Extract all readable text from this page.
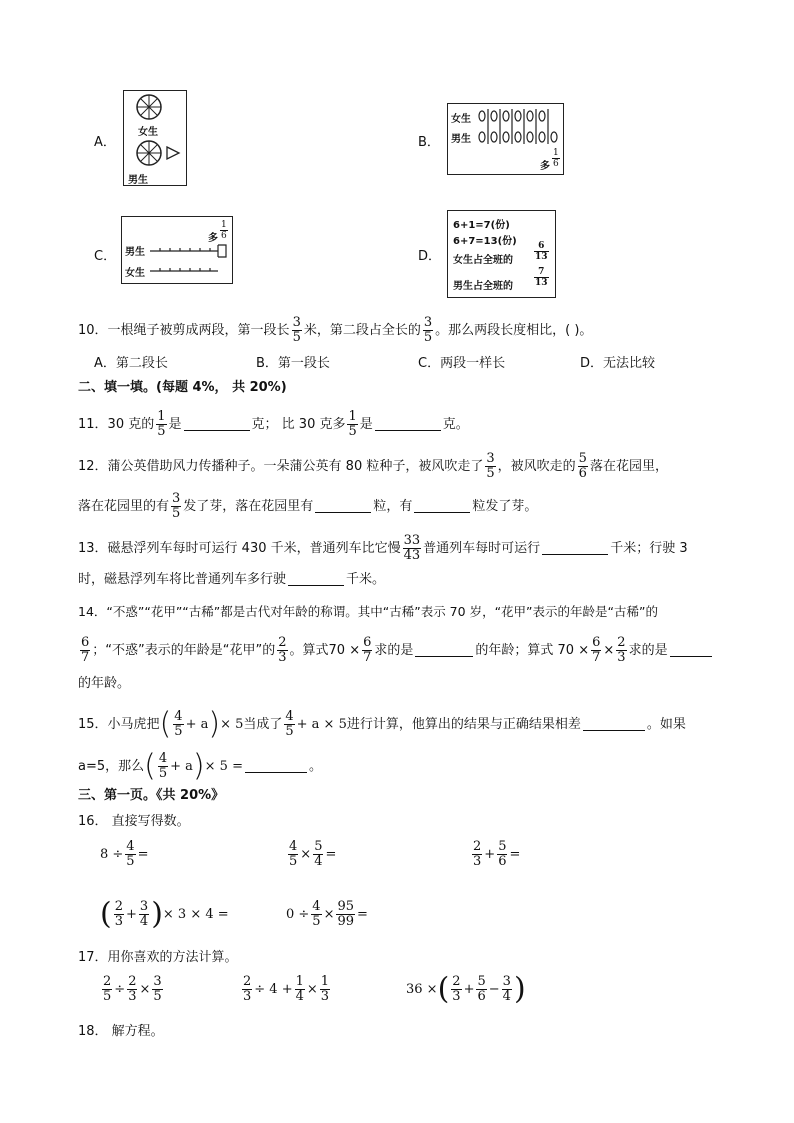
A．
女生
男生
B．
女生
男生
多 $\frac{1}{6}$
C．
多 $\frac{1}{6}$
男生
女生
D．
6+1=7(份)
6+7=13(份)
女生占全班的 $\frac{6}{13}$
男生占全班的 $\frac{7}{13}$
10．一根绳子被剪成两段，第一段长 $\frac{3}{5}$ 米，第二段占全长的 $\frac{3}{5}$ 。那么两段长度相比，( )。
A．第二段长	B．第一段长	C．两段一样长	D．无法比较
二、填一填。(每题 4%， 共 20%)
11．30 克的 $\frac{1}{5}$ 是	克； 比 30 克多 $\frac{1}{5}$ 是	克。
12．蒲公英借助风力传播种子。一朵蒲公英有 80 粒种子，被风吹走了 $\frac{3}{5}$ ，被风吹走的 $\frac{5}{6}$ 落在花园里，
落在花园里的有 $\frac{3}{5}$ 发了芽，落在花园里有	粒，有	粒发了芽。
13．磁悬浮列车每时可运行 430 千米，普通列车比它慢 $\frac{33}{43}$ 普通列车每时可运行	千米；行驶 3
时，磁悬浮列车将比普通列车多行驶	千米。
14．“不惑”“花甲”“古稀”都是古代对年龄的称谓。其中“古稀”表示 70 岁，“花甲”表示的年龄是“古稀”的
$\frac{6}{7}$ ；“不惑”表示的年龄是“花甲”的 $\frac{2}{3}$ 。算式$70 \times \frac{6}{7}$ 求的是	的年龄；算式 $70 \times \frac{6}{7} \times \frac{2}{3}$ 求的是
的年龄。
15．小马虎把( $\frac{4}{5} + a)\times 5$当成了 $\frac{4}{5} + a \times 5$进行计算，他算出的结果与正确结果相差	。如果
a=5，那么( $\frac{4}{5} + a)\times 5$ =	。
三、第一页。《共 20%》
16． 直接写得数。
$8 \div \frac{4}{5}$ =	$\frac{4}{5} \times \frac{5}{4}$ =	$\frac{2}{3} + \frac{5}{6}$ =
( $\frac{2}{3} + \frac{3}{4}$ )× 3 × 4 =	$0 \div \frac{4}{5} \times \frac{95}{99}$ =
17．用你喜欢的方法计算。
$\frac{2}{5} \div \frac{2}{3} \times \frac{3}{5}$	$\frac{2}{3} \div 4 + \frac{1}{4} \times \frac{1}{3}$	36 ×( $\frac{2}{3} + \frac{5}{6} - \frac{3}{4}$ )
18． 解方程。
